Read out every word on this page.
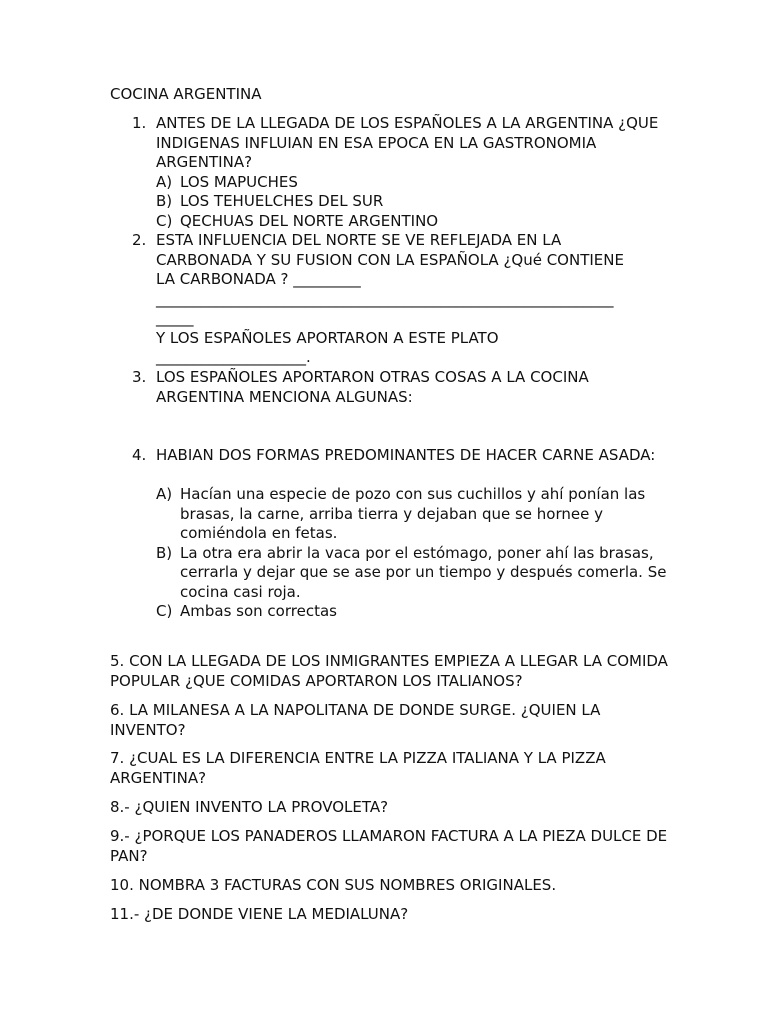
COCINA ARGENTINA
1. ANTES DE LA LLEGADA DE LOS ESPAÑOLES A LA ARGENTINA ¿QUE INDIGENAS INFLUIAN EN ESA EPOCA EN LA GASTRONOMIA ARGENTINA?
A) LOS MAPUCHES
B) LOS TEHUELCHES DEL SUR
C) QECHUAS DEL NORTE ARGENTINO
2. ESTA INFLUENCIA DEL NORTE SE VE REFLEJADA EN LA
CARBONADA Y SU FUSION CON LA ESPAÑOLA ¿Qué CONTIENE
LA CARBONADA ? _________
_____________________________________________________________
_____
Y LOS ESPAÑOLES APORTARON A ESTE PLATO
____________________.
3. LOS ESPAÑOLES APORTARON OTRAS COSAS A LA COCINA ARGENTINA MENCIONA ALGUNAS:
4. HABIAN DOS FORMAS PREDOMINANTES DE HACER CARNE ASADA:
A) Hacían una especie de pozo con sus cuchillos y ahí ponían las brasas, la carne, arriba tierra y dejaban que se hornee y comiéndola en fetas.
B) La otra era abrir la vaca por el estómago, poner ahí las brasas, cerrarla y dejar que se ase por un tiempo y después comerla. Se cocina casi roja.
C) Ambas son correctas

5. CON LA LLEGADA DE LOS INMIGRANTES EMPIEZA A LLEGAR LA COMIDA POPULAR ¿QUE COMIDAS APORTARON LOS ITALIANOS?

6. LA MILANESA A LA NAPOLITANA DE DONDE SURGE. ¿QUIEN LA INVENTO?

7. ¿CUAL ES LA DIFERENCIA ENTRE LA PIZZA ITALIANA Y LA PIZZA ARGENTINA?

8.- ¿QUIEN INVENTO LA PROVOLETA?

9.- ¿PORQUE LOS PANADEROS LLAMARON FACTURA A LA PIEZA DULCE DE PAN?

10. NOMBRA 3 FACTURAS CON SUS NOMBRES ORIGINALES.

11.- ¿DE DONDE VIENE LA MEDIALUNA?
